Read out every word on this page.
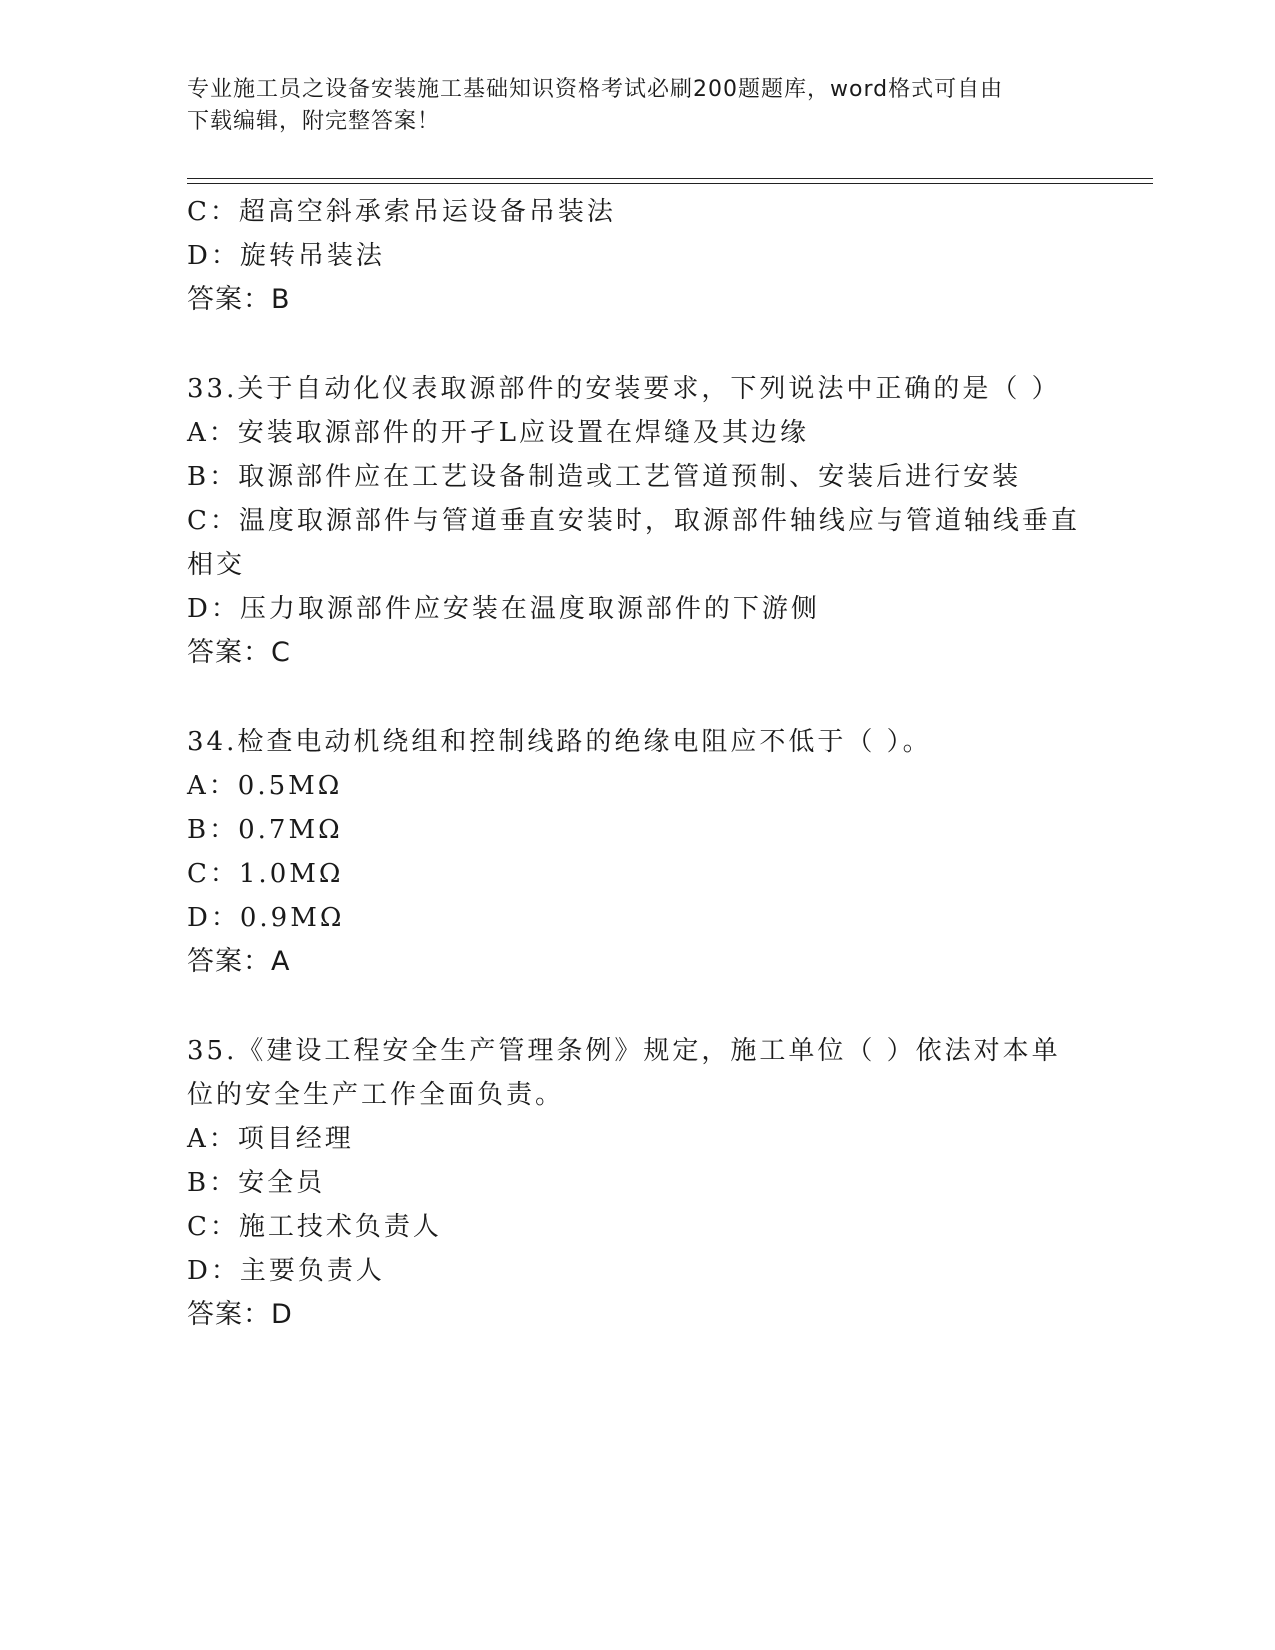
专业施工员之设备安装施工基础知识资格考试必刷200题题库，word格式可自由
下载编辑，附完整答案！
C：超高空斜承索吊运设备吊装法
D：旋转吊装法
答案：B
33.关于自动化仪表取源部件的安装要求，下列说法中正确的是（ ）
A：安装取源部件的开孑L应设置在焊缝及其边缘
B：取源部件应在工艺设备制造或工艺管道预制、安装后进行安装
C：温度取源部件与管道垂直安装时，取源部件轴线应与管道轴线垂直
相交
D：压力取源部件应安装在温度取源部件的下游侧
答案：C
34.检查电动机绕组和控制线路的绝缘电阻应不低于（ ）。
A：0.5MΩ
B：0.7MΩ
C：1.0MΩ
D：0.9MΩ
答案：A
35.《建设工程安全生产管理条例》规定，施工单位（ ）依法对本单
位的安全生产工作全面负责。
A：项目经理
B：安全员
C：施工技术负责人
D：主要负责人
答案：D
